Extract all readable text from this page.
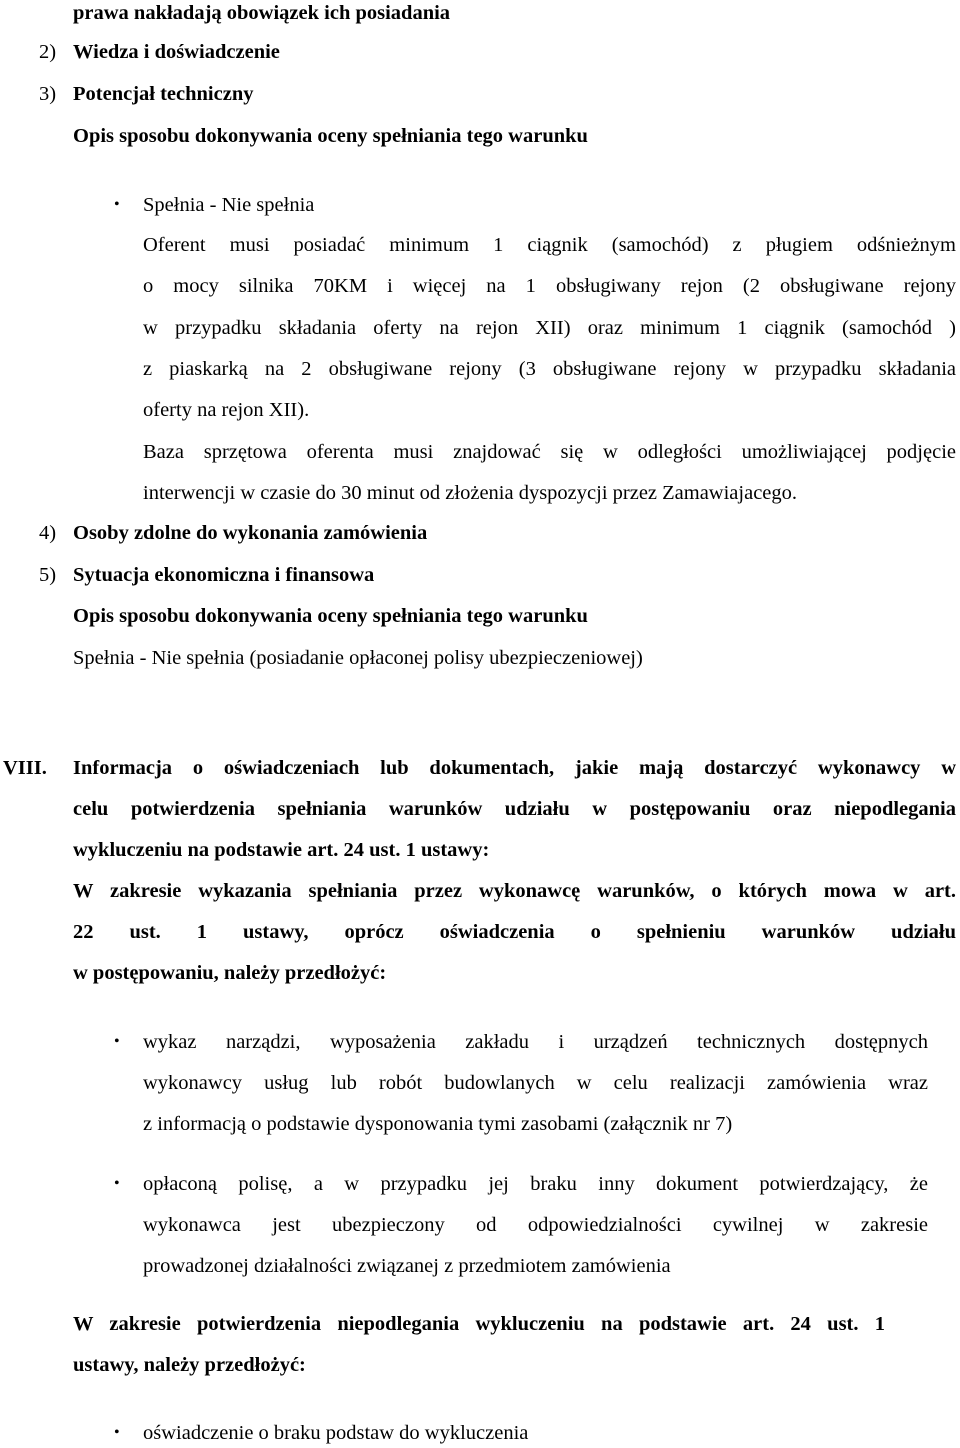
prawa nakładają obowiązek ich posiadania
2) Wiedza i doświadczenie
3) Potencjał techniczny
Opis sposobu dokonywania oceny spełniania tego warunku
• Spełnia - Nie spełnia
Oferent musi posiadać minimum 1 ciągnik (samochód) z pługiem odśnieżnym
o mocy silnika 70KM i więcej na 1 obsługiwany rejon (2 obsługiwane rejony
w przypadku składania oferty na rejon XII) oraz minimum 1 ciągnik (samochód )
z piaskarką na 2 obsługiwane rejony (3 obsługiwane rejony w przypadku składania
oferty na rejon XII).
Baza sprzętowa oferenta musi znajdować się w odległości umożliwiającej podjęcie
interwencji w czasie do 30 minut od złożenia dyspozycji przez Zamawiajacego.
4) Osoby zdolne do wykonania zamówienia
5) Sytuacja ekonomiczna i finansowa
Opis sposobu dokonywania oceny spełniania tego warunku
Spełnia - Nie spełnia (posiadanie opłaconej polisy ubezpieczeniowej)
VIII. Informacja o oświadczeniach lub dokumentach, jakie mają dostarczyć wykonawcy w
celu potwierdzenia spełniania warunków udziału w postępowaniu oraz niepodlegania
wykluczeniu na podstawie art. 24 ust. 1 ustawy:
W zakresie wykazania spełniania przez wykonawcę warunków, o których mowa w art.
22 ust. 1 ustawy, oprócz oświadczenia o spełnieniu warunków udziału
w postępowaniu, należy przedłożyć:
• wykaz narządzi, wyposażenia zakładu i urządzeń technicznych dostępnych
wykonawcy usług lub robót budowlanych w celu realizacji zamówienia wraz
z informacją o podstawie dysponowania tymi zasobami (załącznik nr 7)
• opłaconą polisę, a w przypadku jej braku inny dokument potwierdzający, że
wykonawca jest ubezpieczony od odpowiedzialności cywilnej w zakresie
prowadzonej działalności związanej z przedmiotem zamówienia
W zakresie potwierdzenia niepodlegania wykluczeniu na podstawie art. 24 ust. 1
ustawy, należy przedłożyć:
• oświadczenie o braku podstaw do wykluczenia
